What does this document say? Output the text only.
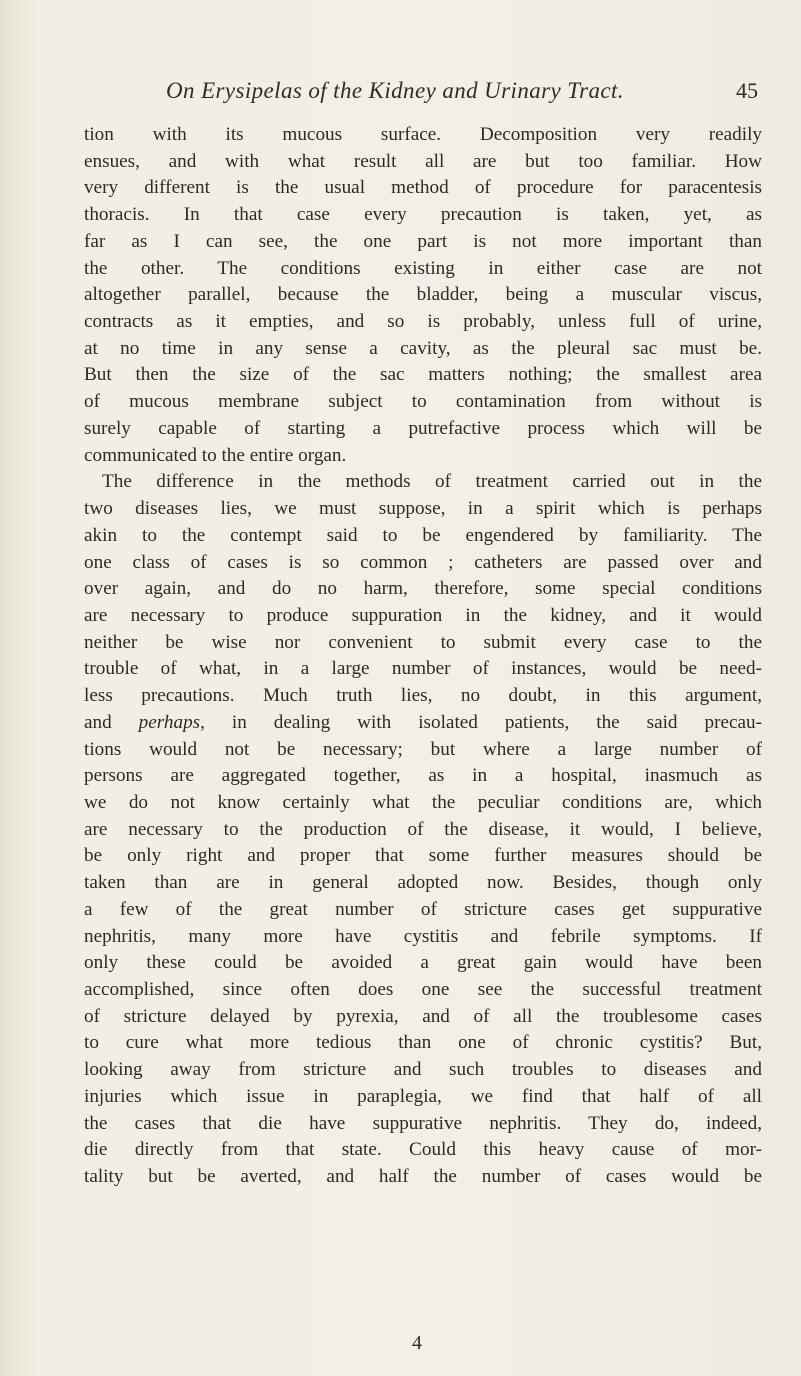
On Erysipelas of the Kidney and Urinary Tract.	45
tion with its mucous surface. Decomposition very readily
ensues, and with what result all are but too familiar. How
very different is the usual method of procedure for paracentesis
thoracis. In that case every precaution is taken, yet, as
far as I can see, the one part is not more important than
the other. The conditions existing in either case are not
altogether parallel, because the bladder, being a muscular viscus,
contracts as it empties, and so is probably, unless full of urine,
at no time in any sense a cavity, as the pleural sac must be.
But then the size of the sac matters nothing; the smallest area
of mucous membrane subject to contamination from without is
surely capable of starting a putrefactive process which will be
communicated to the entire organ.
The difference in the methods of treatment carried out in the
two diseases lies, we must suppose, in a spirit which is perhaps
akin to the contempt said to be engendered by familiarity. The
one class of cases is so common ; catheters are passed over and
over again, and do no harm, therefore, some special conditions
are necessary to produce suppuration in the kidney, and it would
neither be wise nor convenient to submit every case to the
trouble of what, in a large number of instances, would be need-
less precautions. Much truth lies, no doubt, in this argument,
and perhaps, in dealing with isolated patients, the said precau-
tions would not be necessary; but where a large number of
persons are aggregated together, as in a hospital, inasmuch as
we do not know certainly what the peculiar conditions are, which
are necessary to the production of the disease, it would, I believe,
be only right and proper that some further measures should be
taken than are in general adopted now. Besides, though only
a few of the great number of stricture cases get suppurative
nephritis, many more have cystitis and febrile symptoms. If
only these could be avoided a great gain would have been
accomplished, since often does one see the successful treatment
of stricture delayed by pyrexia, and of all the troublesome cases
to cure what more tedious than one of chronic cystitis? But,
looking away from stricture and such troubles to diseases and
injuries which issue in paraplegia, we find that half of all
the cases that die have suppurative nephritis. They do, indeed,
die directly from that state. Could this heavy cause of mor-
tality but be averted, and half the number of cases would be
4
